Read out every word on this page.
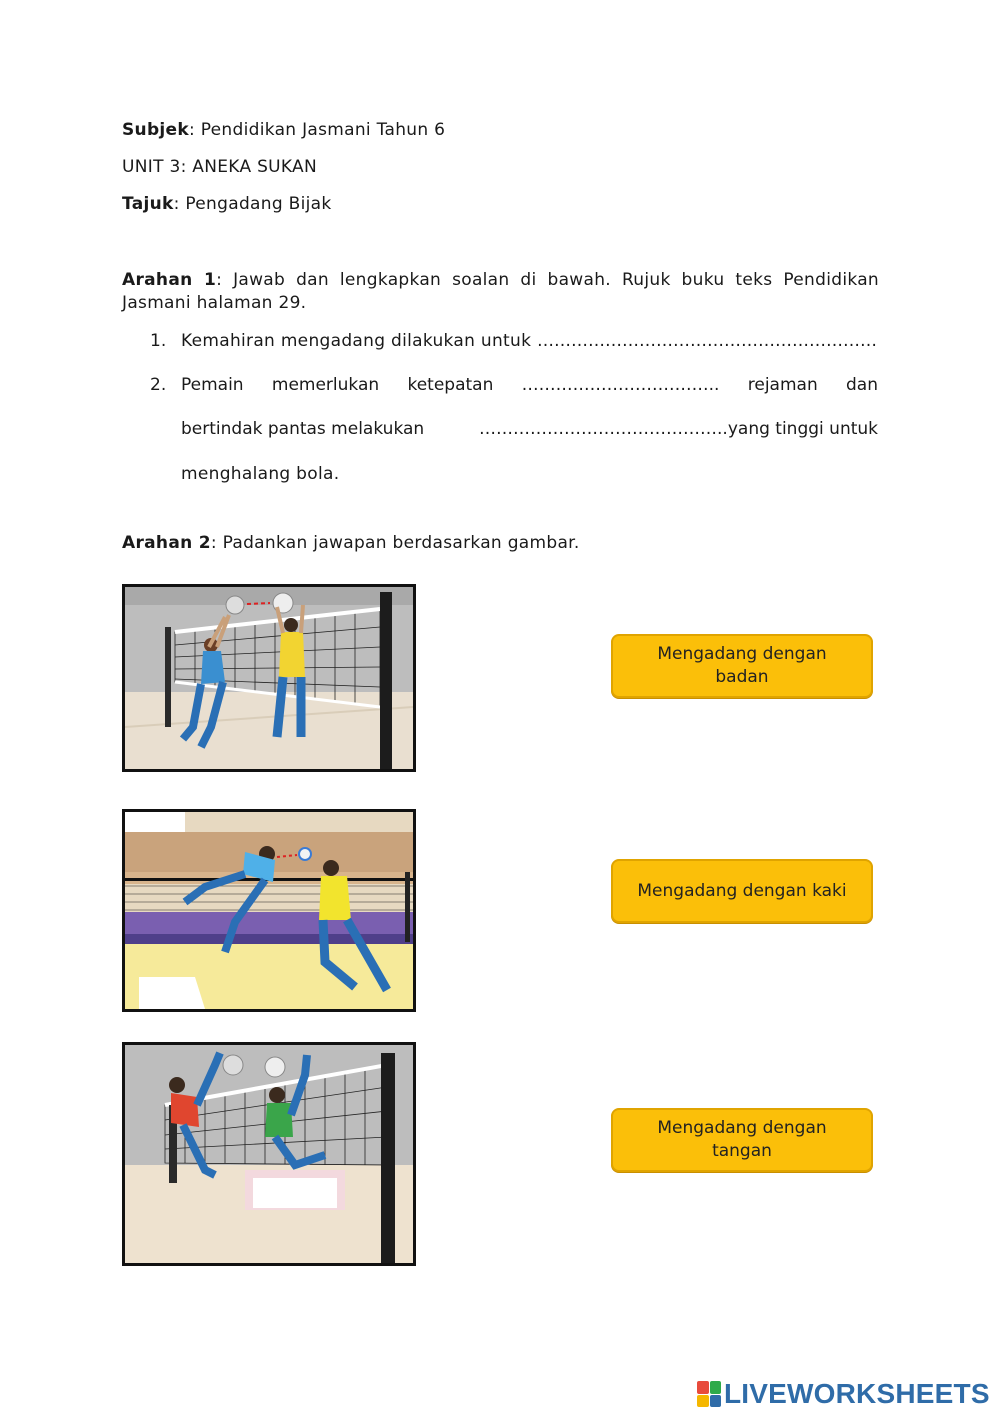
Subjek: Pendidikan Jasmani Tahun 6
UNIT 3: ANEKA SUKAN
Tajuk: Pengadang Bijak
Arahan 1: Jawab dan lengkapkan soalan di bawah. Rujuk buku teks Pendidikan Jasmani halaman 29.
1. Kemahiran mengadang dilakukan untuk ……………………………………………………
2. Pemain memerlukan ketepatan …………………………….. rejaman dan
bertindak pantas melakukan	……………………………………..yang tinggi untuk
menghalang bola.
Arahan 2: Padankan jawapan berdasarkan gambar.
Mengadang dengan badan
Mengadang dengan kaki
Mengadang dengan tangan
LIVEWORKSHEETS
